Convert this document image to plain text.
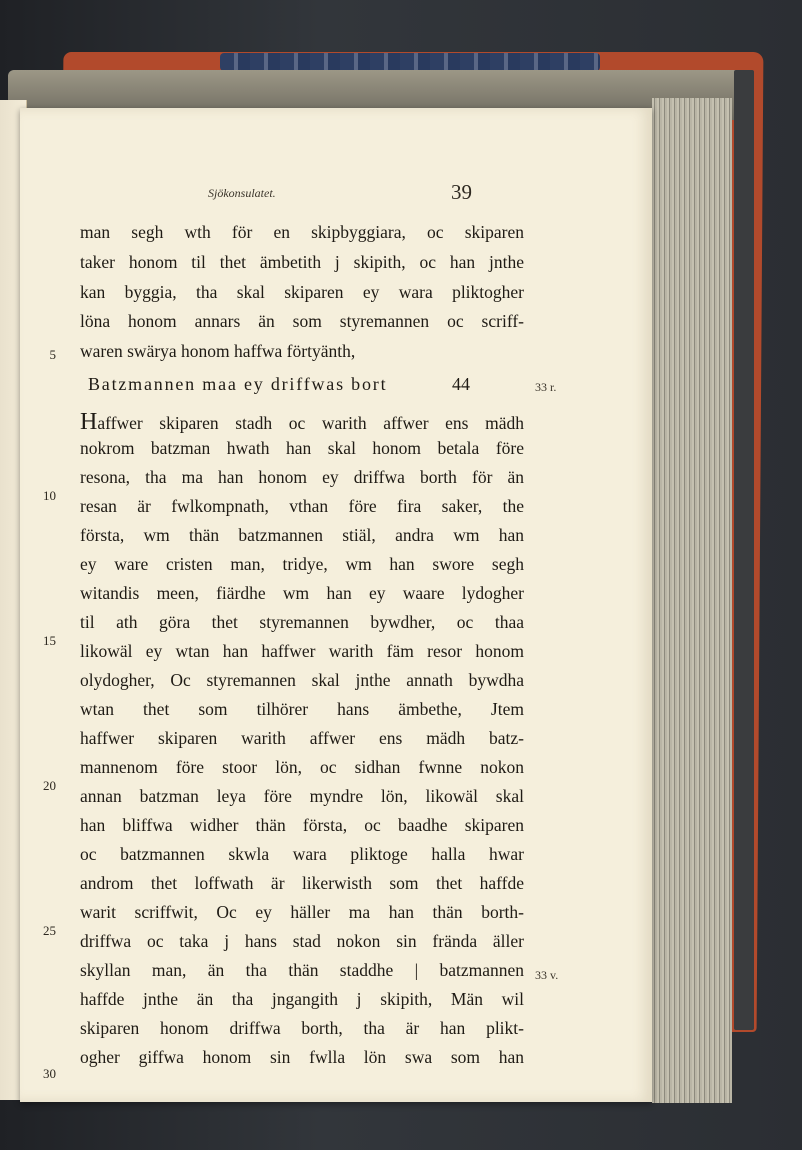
Sjökonsulatet.	39
man segh wth för en skipbyggiara, oc skiparen
taker honom til thet ämbetith j skipith, oc han jnthe
kan byggia, tha skal skiparen ey wara pliktogher
löna honom annars än som styremannen oc scriff-
waren swärya honom haffwa förtyänth,
Batzmannen maa ey driffwas bort	44
Haffwer skiparen stadh oc warith affwer ens mädh
nokrom batzman hwath han skal honom betala före
resona, tha ma han honom ey driffwa borth för än
resan är fwlkompnath, vthan före fira saker, the
första, wm thän batzmannen stiäl, andra wm han
ey ware cristen man, tridye, wm han swore segh
witandis meen, fiärdhe wm han ey waare lydogher
til ath göra thet styremannen bywdher, oc thaa
likowäl ey wtan han haffwer warith fäm resor honom
olydogher, Oc styremannen skal jnthe annath bywdha
wtan thet som tilhörer hans ämbethe, Jtem
haffwer skiparen warith affwer ens mädh batz-
mannenom före stoor lön, oc sidhan fwnne nokon
annan batzman leya före myndre lön, likowäl skal
han bliffwa widher thän första, oc baadhe skiparen
oc batzmannen skwla wara pliktoge halla hwar
androm thet loffwath är likerwisth som thet haffde
warit scriffwit, Oc ey häller ma han thän borth-
driffwa oc taka j hans stad nokon sin frända äller
skyllan man, än tha thän staddhe | batzmannen
haffde jnthe än tha jngangith j skipith, Män wil
skiparen honom driffwa borth, tha är han plikt-
ogher giffwa honom sin fwlla lön swa som han
5
10
15
20
25
30
33 r.
33 v.
